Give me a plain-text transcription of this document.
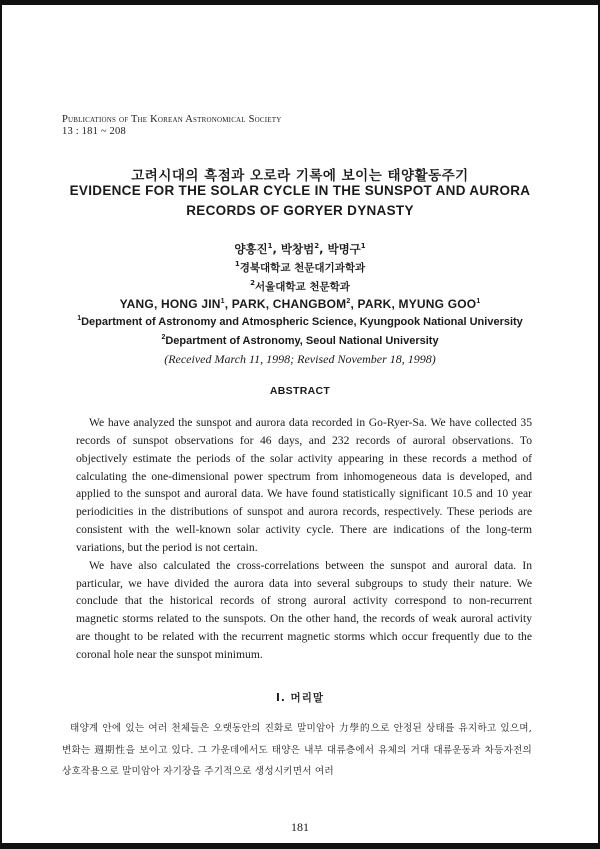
Publications of The Korean Astronomical Society
13 : 181 ~ 208
고려시대의 흑점과 오로라 기록에 보이는 태양활동주기
EVIDENCE FOR THE SOLAR CYCLE IN THE SUNSPOT AND AURORA
RECORDS OF GORYER DYNASTY
양홍진$^1$, 박창범$^2$, 박명구$^1$
$^1$경북대학교 천문대기과학과
$^2$서울대학교 천문학과
YANG, HONG JIN$^1$, PARK, CHANGBOM$^2$, PARK, MYUNG GOO$^1$
$^1$Department of Astronomy and Atmospheric Science, Kyungpook National University
$^2$Department of Astronomy, Seoul National University
(Received March 11, 1998; Revised November 18, 1998)
ABSTRACT

We have analyzed the sunspot and aurora data recorded in Go-Ryer-Sa. We have collected 35 records of sunspot observations for 46 days, and 232 records of auroral observations. To objectively estimate the periods of the solar activity appearing in these records a method of calculating the one-dimensional power spectrum from inhomogeneous data is developed, and applied to the sunspot and auroral data. We have found statistically significant 10.5 and 10 year periodicities in the distributions of sunspot and aurora records, respectively. These periods are consistent with the well-known solar activity cycle. There are indications of the long-term variations, but the period is not certain.

We have also calculated the cross-correlations between the sunspot and auroral data. In particular, we have divided the aurora data into several subgroups to study their nature. We conclude that the historical records of strong auroral activity correspond to non-recurrent magnetic storms related to the sunspots. On the other hand, the records of weak auroral activity are thought to be related with the recurrent magnetic storms which occur frequently due to the coronal hole near the sunspot minimum.

Ⅰ. 머리말

태양계 안에 있는 여러 천체들은 오랫동안의 진화로 말미암아 力學的으로 안정된 상태를 유지하고 있으며, 변화는 週期性을 보이고 있다. 그 가운데에서도 태양은 내부 대류층에서 유체의 거대 대류운동과 차등자전의 상호작용으로 말미암아 자기장을 주기적으로 생성시키면서 여러

181
